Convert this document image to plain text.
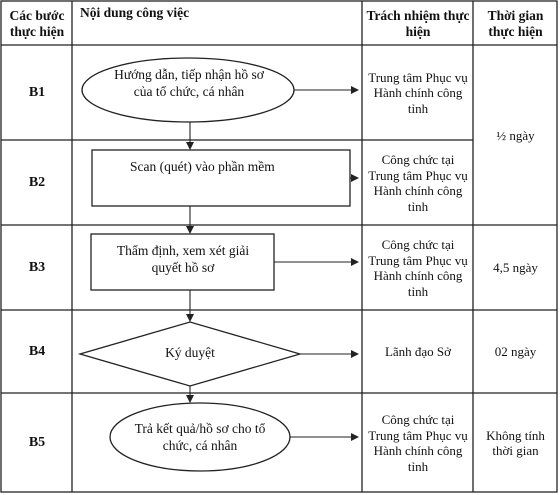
Các bước thực hiện
Nội dung công việc	Trách nhiệm thực hiện
Thời gian thực hiện
B1
B2
B3
B4
B5
Hướng dẫn, tiếp nhận hồ sơ của tổ chức, cá nhân
Scan (quét) vào phần mềm
Thẩm định, xem xét giải quyết hồ sơ
Ký duyệt
Trả kết quả/hồ sơ cho tổ chức, cá nhân
Trung tâm Phục vụ Hành chính công tỉnh
Công chức tại Trung tâm Phục vụ Hành chính công tỉnh
Công chức tại Trung tâm Phục vụ Hành chính công tỉnh
Lãnh đạo Sở
Công chức tại Trung tâm Phục vụ Hành chính công tỉnh
½ ngày
4,5 ngày
02 ngày
Không tính thời gian
